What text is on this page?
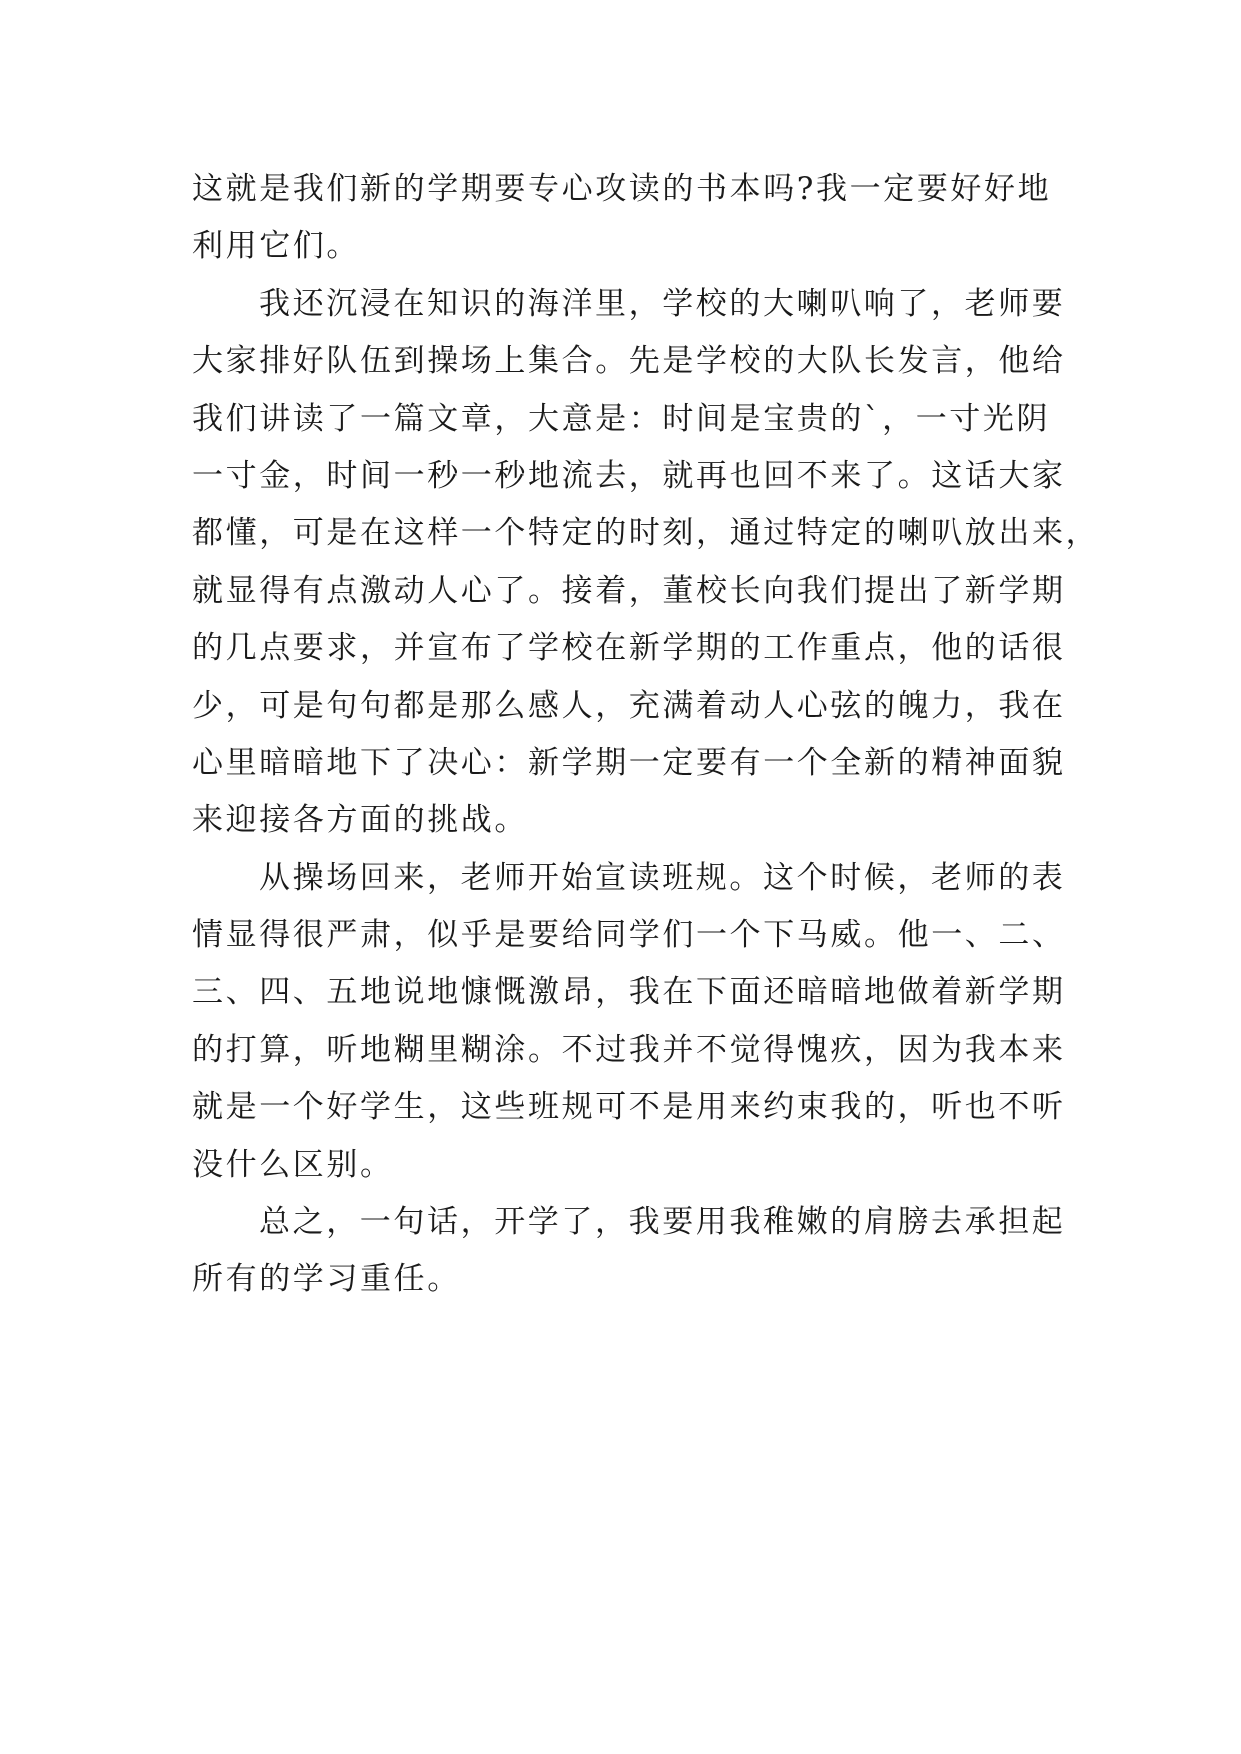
这就是我们新的学期要专心攻读的书本吗?我一定要好好地
利用它们。
我还沉浸在知识的海洋里，学校的大喇叭响了，老师要
大家排好队伍到操场上集合。先是学校的大队长发言，他给
我们讲读了一篇文章，大意是：时间是宝贵的`，一寸光阴
一寸金，时间一秒一秒地流去，就再也回不来了。这话大家
都懂，可是在这样一个特定的时刻，通过特定的喇叭放出来，
就显得有点激动人心了。接着，董校长向我们提出了新学期
的几点要求，并宣布了学校在新学期的工作重点，他的话很
少，可是句句都是那么感人，充满着动人心弦的魄力，我在
心里暗暗地下了决心：新学期一定要有一个全新的精神面貌
来迎接各方面的挑战。
从操场回来，老师开始宣读班规。这个时候，老师的表
情显得很严肃，似乎是要给同学们一个下马威。他一、二、
三、四、五地说地慷慨激昂，我在下面还暗暗地做着新学期
的打算，听地糊里糊涂。不过我并不觉得愧疚，因为我本来
就是一个好学生，这些班规可不是用来约束我的，听也不听
没什么区别。
总之，一句话，开学了，我要用我稚嫩的肩膀去承担起
所有的学习重任。
